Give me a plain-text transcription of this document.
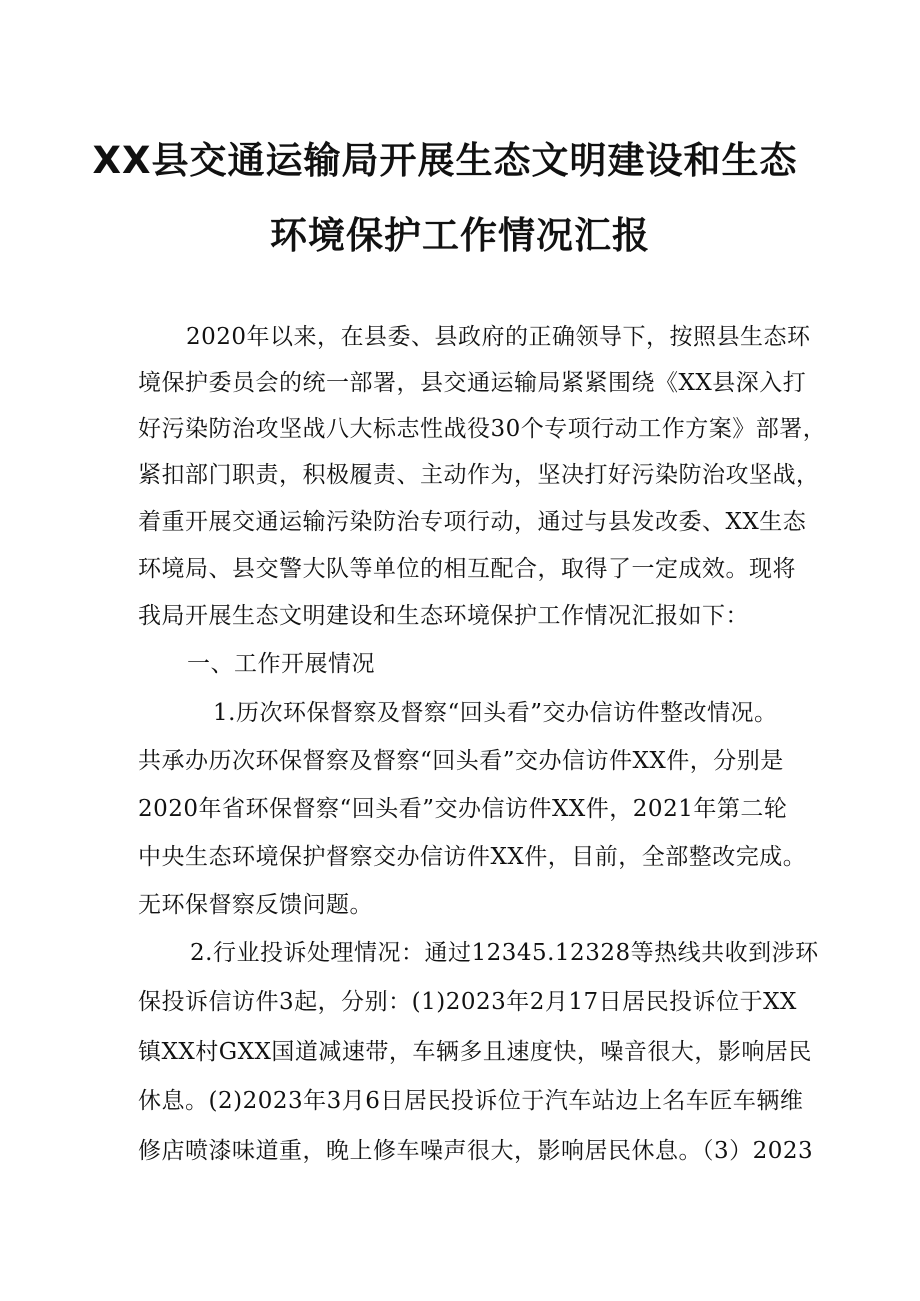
XX县交通运输局开展生态文明建设和生态
环境保护工作情况汇报
2020年以来，在县委、县政府的正确领导下，按照县生态环
境保护委员会的统一部署，县交通运输局紧紧围绕《XX县深入打
好污染防治攻坚战八大标志性战役30个专项行动工作方案》部署，
紧扣部门职责，积极履责、主动作为，坚决打好污染防治攻坚战，
着重开展交通运输污染防治专项行动，通过与县发改委、XX生态
环境局、县交警大队等单位的相互配合，取得了一定成效。现将
我局开展生态文明建设和生态环境保护工作情况汇报如下：
一、工作开展情况
1.历次环保督察及督察“回头看”交办信访件整改情况。
共承办历次环保督察及督察“回头看”交办信访件XX件，分别是
2020年省环保督察“回头看”交办信访件XX件，2021年第二轮
中央生态环境保护督察交办信访件XX件，目前，全部整改完成。
无环保督察反馈问题。
2.行业投诉处理情况：通过12345.12328等热线共收到涉环
保投诉信访件3起，分别：(1)2023年2月17日居民投诉位于XX
镇XX村GXX国道减速带，车辆多且速度快，噪音很大，影响居民
休息。(2)2023年3月6日居民投诉位于汽车站边上名车匠车辆维
修店喷漆味道重，晚上修车噪声很大，影响居民休息。（3）2023
